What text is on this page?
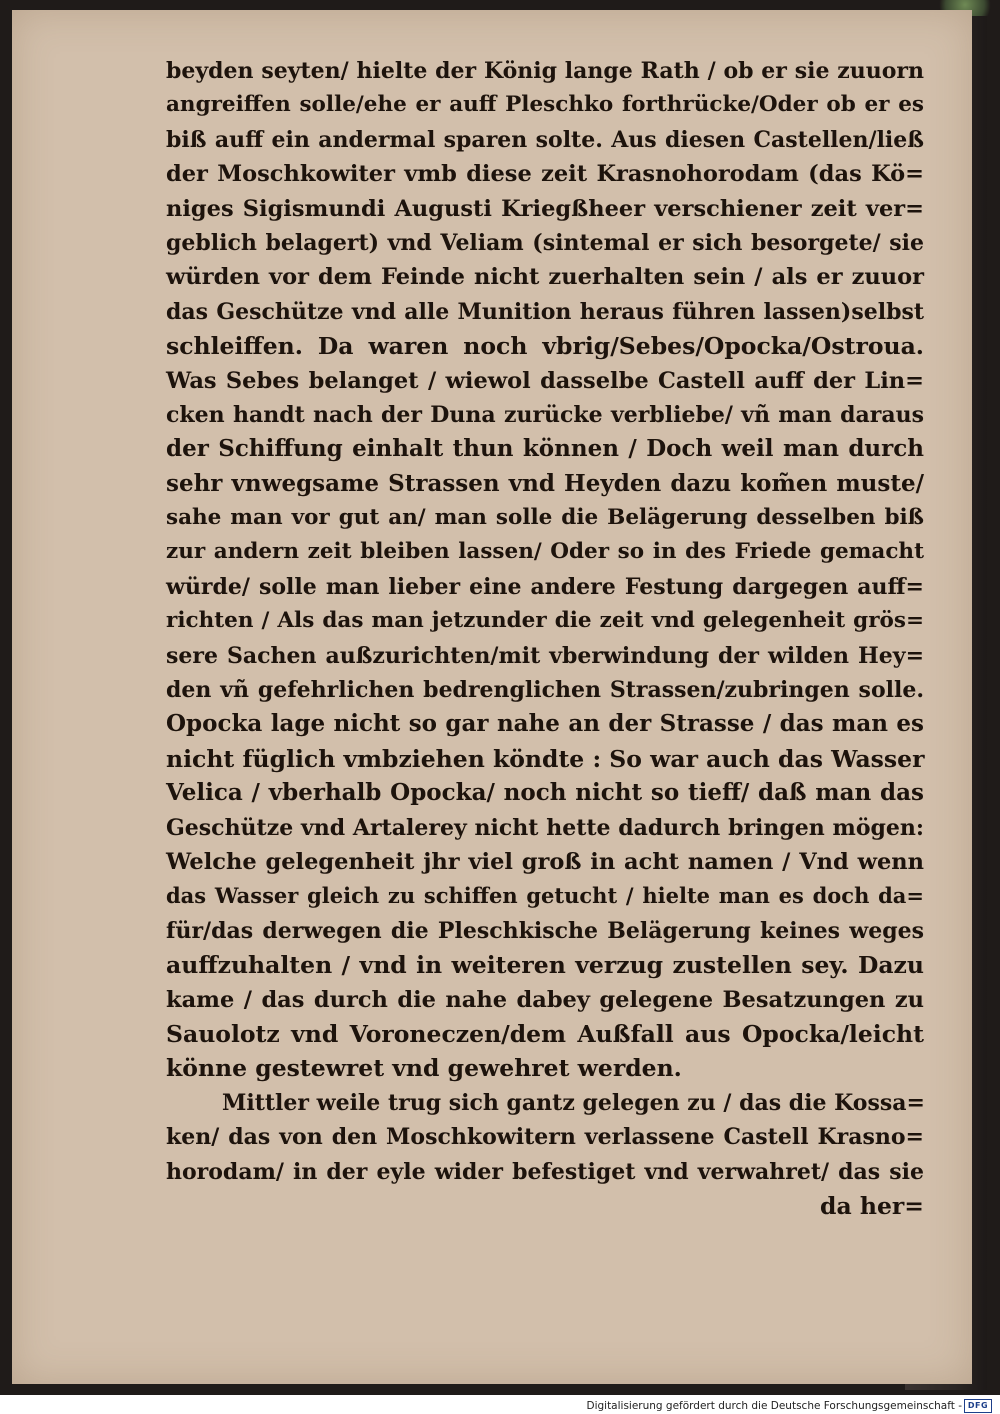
beyden seyten/ hielte der König lange Rath / ob er sie zuuorn
angreiffen solle/ehe er auff Pleschko forthrücke/Oder ob er es
biß auff ein andermal sparen solte. Aus diesen Castellen/ließ
der Moschkowiter vmb diese zeit Krasnohorodam (das Kö=
niges Sigismundi Augusti Kriegßheer verschiener zeit ver=
geblich belagert) vnd Veliam (sintemal er sich besorgete/ sie
würden vor dem Feinde nicht zuerhalten sein / als er zuuor
das Geschütze vnd alle Munition heraus führen lassen)selbst
schleiffen. Da waren noch vbrig/Sebes/Opocka/Ostroua.
Was Sebes belanget / wiewol dasselbe Castell auff der Lin=
cken handt nach der Duna zurücke verbliebe/ vñ man daraus
der Schiffung einhalt thun können / Doch weil man durch
sehr vnwegsame Strassen vnd Heyden dazu kom̃en muste/
sahe man vor gut an/ man solle die Belägerung desselben biß
zur andern zeit bleiben lassen/ Oder so in des Friede gemacht
würde/ solle man lieber eine andere Festung dargegen auff=
richten / Als das man jetzunder die zeit vnd gelegenheit grös=
sere Sachen außzurichten/mit vberwindung der wilden Hey=
den vñ gefehrlichen bedrenglichen Strassen/zubringen solle.
Opocka lage nicht so gar nahe an der Strasse / das man es
nicht füglich vmbziehen köndte : So war auch das Wasser
Velica / vberhalb Opocka/ noch nicht so tieff/ daß man das
Geschütze vnd Artalerey nicht hette dadurch bringen mögen:
Welche gelegenheit jhr viel groß in acht namen / Vnd wenn
das Wasser gleich zu schiffen getucht / hielte man es doch da=
für/das derwegen die Pleschkische Belägerung keines weges
auffzuhalten / vnd in weiteren verzug zustellen sey. Dazu
kame / das durch die nahe dabey gelegene Besatzungen zu
Sauolotz vnd Voroneczen/dem Außfall aus Opocka/leicht
könne gestewret vnd gewehret werden.
Mittler weile trug sich gantz gelegen zu / das die Kossa=
ken/ das von den Moschkowitern verlassene Castell Krasno=
horodam/ in der eyle wider befestiget vnd verwahret/ das sie
da her=
Digitalisierung gefördert durch die Deutsche Forschungsgemeinschaft - DFG
